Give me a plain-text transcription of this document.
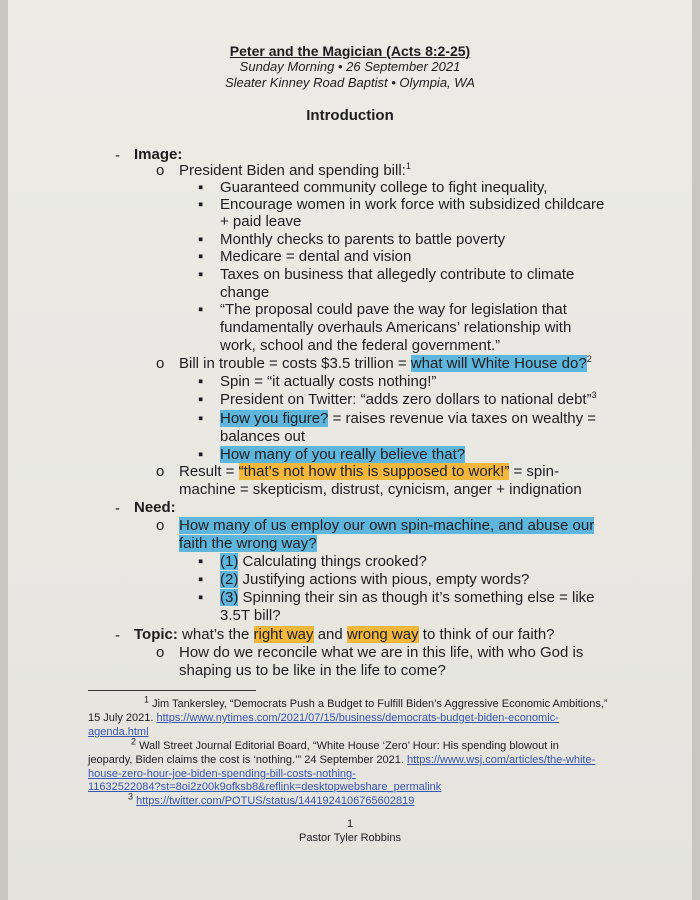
Peter and the Magician (Acts 8:2-25)
Sunday Morning • 26 September 2021
Sleater Kinney Road Baptist • Olympia, WA
Introduction
- Image:
o President Biden and spending bill:$^1$
▪ Guaranteed community college to fight inequality,
▪ Encourage women in work force with subsidized childcare
+ paid leave
▪ Monthly checks to parents to battle poverty
▪ Medicare = dental and vision
▪ Taxes on business that allegedly contribute to climate
change
▪ “The proposal could pave the way for legislation that
fundamentally overhauls Americans’ relationship with
work, school and the federal government.”
o Bill in trouble = costs $3.5 trillion = what will White House do?$^2$
▪ Spin = “it actually costs nothing!”
▪ President on Twitter: “adds zero dollars to national debt”$^3$
▪ How you figure? = raises revenue via taxes on wealthy =
balances out
▪ How many of you really believe that?
o Result = “that’s not how this is supposed to work!” = spin-
machine = skepticism, distrust, cynicism, anger + indignation
- Need:
o How many of us employ our own spin-machine, and abuse our
faith the wrong way?
▪ (1) Calculating things crooked?
▪ (2) Justifying actions with pious, empty words?
▪ (3) Spinning their sin as though it’s something else = like
3.5T bill?
- Topic: what’s the right way and wrong way to think of our faith?
o How do we reconcile what we are in this life, with who God is
shaping us to be like in the life to come?
$^1$ Jim Tankersley, “Democrats Push a Budget to Fulfill Biden’s Aggressive Economic Ambitions,”
15 July 2021. https://www.nytimes.com/2021/07/15/business/democrats-budget-biden-economic-
agenda.html
$^2$ Wall Street Journal Editorial Board, “White House ‘Zero’ Hour: His spending blowout in
jeopardy, Biden claims the cost is ‘nothing.’” 24 September 2021. https://www.wsj.com/articles/the-white-
house-zero-hour-joe-biden-spending-bill-costs-nothing-
11632522084?st=8oi2z00k9ofksb8&reflink=desktopwebshare_permalink
$^3$ https://twitter.com/POTUS/status/1441924106765602819
1
Pastor Tyler Robbins
